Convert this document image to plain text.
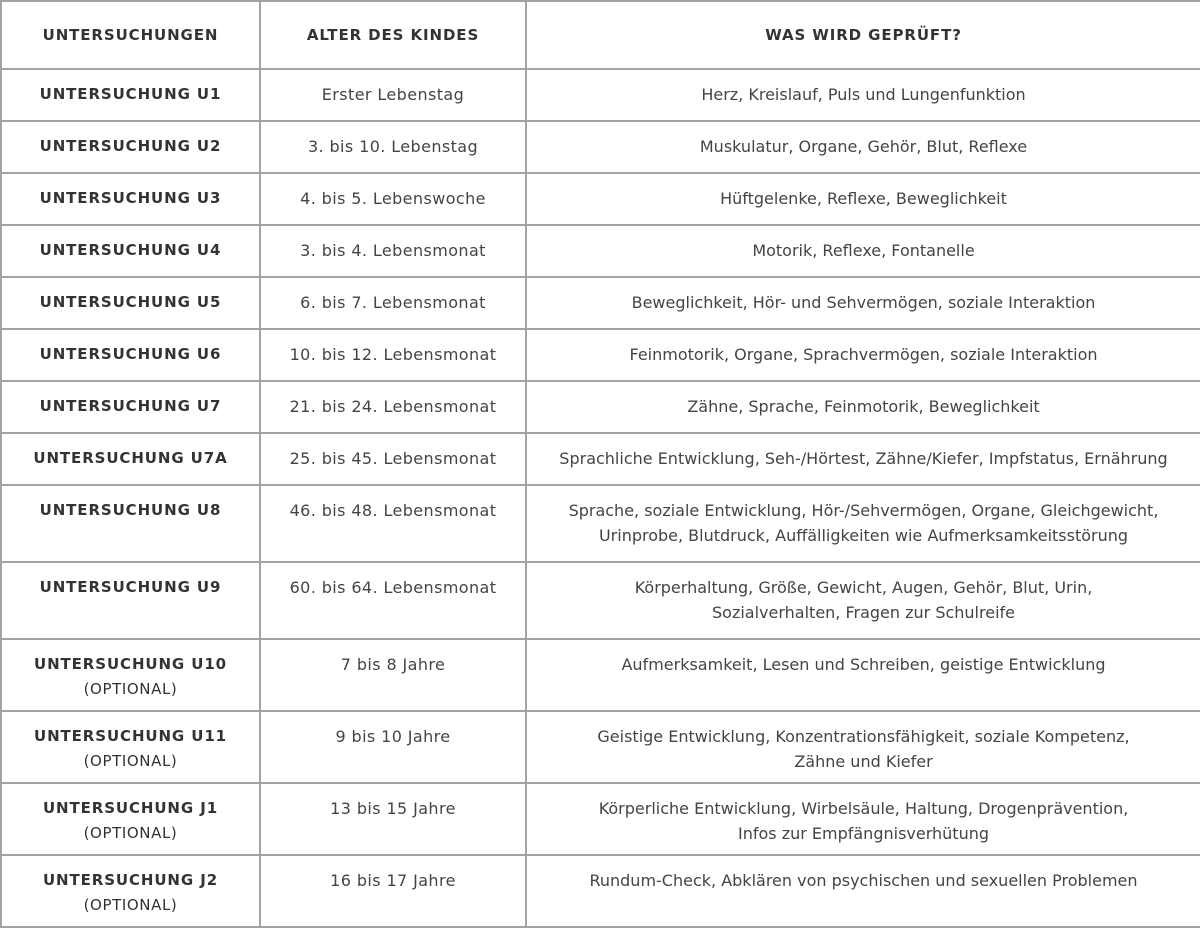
UNTERSUCHUNGEN	ALTER DES KINDES	WAS WIRD GEPRÜFT?
UNTERSUCHUNG U1	Erster Lebenstag	Herz, Kreislauf, Puls und Lungenfunktion

UNTERSUCHUNG U2	3. bis 10. Lebenstag	Muskulatur, Organe, Gehör, Blut, Reflexe

UNTERSUCHUNG U3	4. bis 5. Lebenswoche	Hüftgelenke, Reflexe, Beweglichkeit

UNTERSUCHUNG U4	3. bis 4. Lebensmonat	Motorik, Reflexe, Fontanelle

UNTERSUCHUNG U5	6. bis 7. Lebensmonat	Beweglichkeit, Hör- und Sehvermögen, soziale Interaktion

UNTERSUCHUNG U6	10. bis 12. Lebensmonat	Feinmotorik, Organe, Sprachvermögen, soziale Interaktion

UNTERSUCHUNG U7	21. bis 24. Lebensmonat	Zähne, Sprache, Feinmotorik, Beweglichkeit

UNTERSUCHUNG U7A	25. bis 45. Lebensmonat	Sprachliche Entwicklung, Seh-/Hörtest, Zähne/Kiefer, Impfstatus, Ernährung

UNTERSUCHUNG U8	46. bis 48. Lebensmonat	Sprache, soziale Entwicklung, Hör-/Sehvermögen, Organe, Gleichgewicht,
Urinprobe, Blutdruck, Auffälligkeiten wie Aufmerksamkeitsstörung

UNTERSUCHUNG U9	60. bis 64. Lebensmonat	Körperhaltung, Größe, Gewicht, Augen, Gehör, Blut, Urin,
Sozialverhalten, Fragen zur Schulreife

UNTERSUCHUNG U10
(OPTIONAL)	7 bis 8 Jahre	Aufmerksamkeit, Lesen und Schreiben, geistige Entwicklung

UNTERSUCHUNG U11
(OPTIONAL)	9 bis 10 Jahre	Geistige Entwicklung, Konzentrationsfähigkeit, soziale Kompetenz,
Zähne und Kiefer

UNTERSUCHUNG J1
(OPTIONAL)	13 bis 15 Jahre	Körperliche Entwicklung, Wirbelsäule, Haltung, Drogenprävention,
Infos zur Empfängnisverhütung

UNTERSUCHUNG J2
(OPTIONAL)	16 bis 17 Jahre	Rundum-Check, Abklären von psychischen und sexuellen Problemen
